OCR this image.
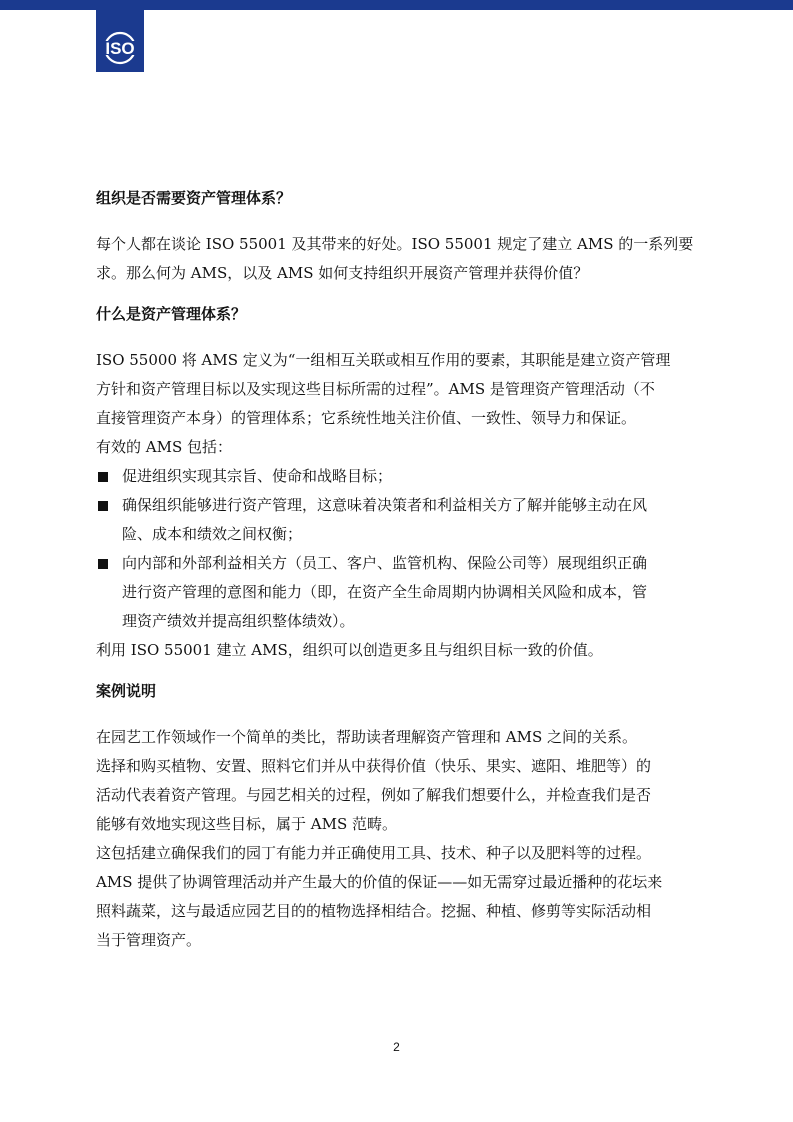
ISO

组织是否需要资产管理体系？

每个人都在谈论 ISO 55001 及其带来的好处。ISO 55001 规定了建立 AMS 的一系列要

求。那么何为 AMS，以及 AMS 如何支持组织开展资产管理并获得价值？

什么是资产管理体系？

ISO 55000 将 AMS 定义为“一组相互关联或相互作用的要素，其职能是建立资产管理

方针和资产管理目标以及实现这些目标所需的过程”。AMS 是管理资产管理活动（不

直接管理资产本身）的管理体系；它系统性地关注价值、一致性、领导力和保证。

有效的 AMS 包括：

促进组织实现其宗旨、使命和战略目标；
确保组织能够进行资产管理，这意味着决策者和利益相关方了解并能够主动在风
险、成本和绩效之间权衡；
向内部和外部利益相关方（员工、客户、监管机构、保险公司等）展现组织正确
进行资产管理的意图和能力（即，在资产全生命周期内协调相关风险和成本，管
理资产绩效并提高组织整体绩效）。

利用 ISO 55001 建立 AMS，组织可以创造更多且与组织目标一致的价值。

案例说明

在园艺工作领域作一个简单的类比，帮助读者理解资产管理和 AMS 之间的关系。

选择和购买植物、安置、照料它们并从中获得价值（快乐、果实、遮阳、堆肥等）的

活动代表着资产管理。与园艺相关的过程，例如了解我们想要什么，并检查我们是否

能够有效地实现这些目标，属于 AMS 范畴。

这包括建立确保我们的园丁有能力并正确使用工具、技术、种子以及肥料等的过程。

AMS 提供了协调管理活动并产生最大的价值的保证——如无需穿过最近播种的花坛来

照料蔬菜，这与最适应园艺目的的植物选择相结合。挖掘、种植、修剪等实际活动相

当于管理资产。

2
